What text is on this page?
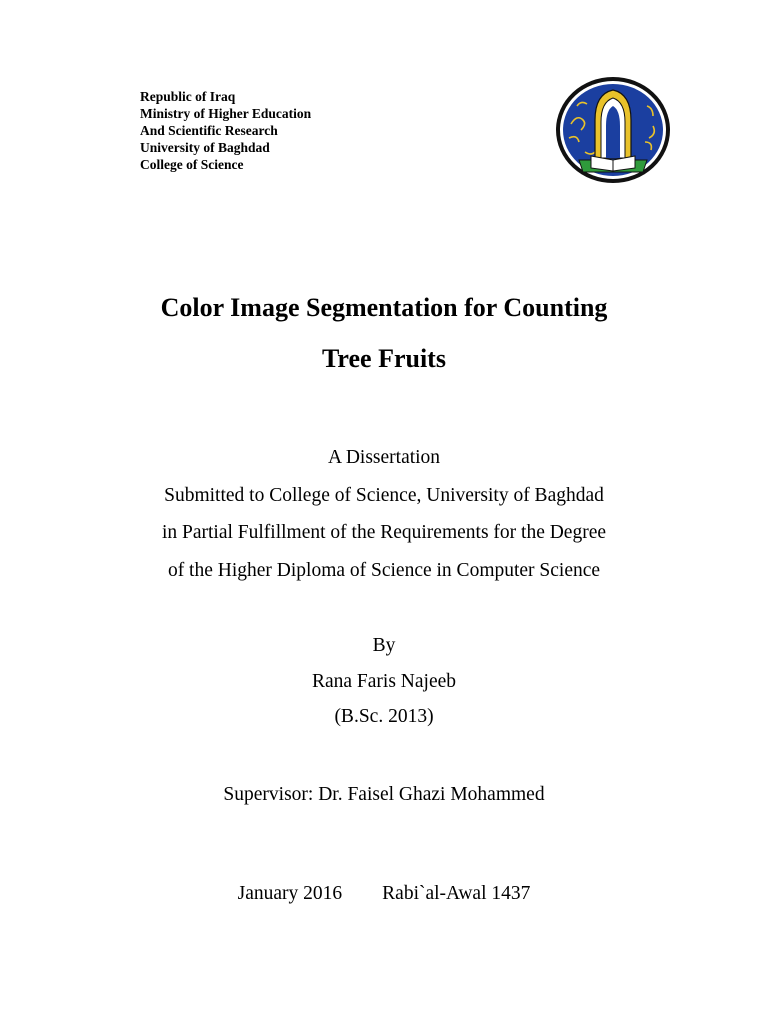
Republic of Iraq
Ministry of Higher Education
And Scientific Research
University of Baghdad
College of Science
Color Image Segmentation for Counting
Tree Fruits
A Dissertation
Submitted to College of Science, University of Baghdad
in Partial Fulfillment of the Requirements for the Degree
of the Higher Diploma of Science in Computer Science
By
Rana Faris Najeeb
(B.Sc. 2013)
Supervisor: Dr. Faisel Ghazi Mohammed
January 2016 Rabi`al-Awal 1437
